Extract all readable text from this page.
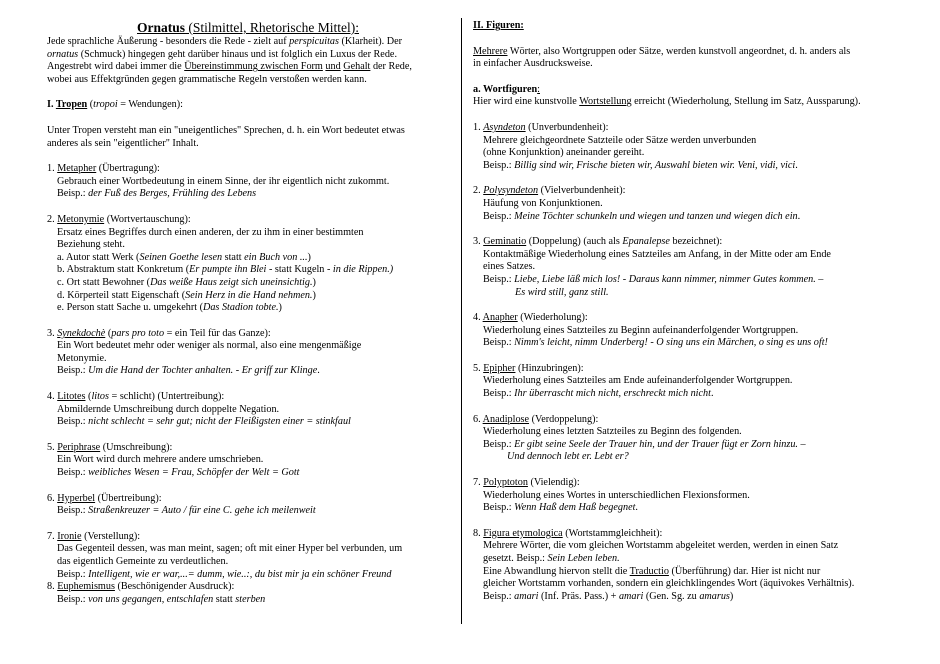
Ornatus (Stilmittel, Rhetorische Mittel):
Jede sprachliche Äußerung - besonders die Rede - zielt auf perspicuitas (Klarheit). Der
ornatus (Schmuck) hingegen geht darüber hinaus und ist folglich ein Luxus der Rede.
Angestrebt wird dabei immer die Übereinstimmung zwischen Form und Gehalt der Rede,
wobei aus Effektgründen gegen grammatische Regeln verstoßen werden kann.
I. Tropen (tropoi = Wendungen):
Unter Tropen versteht man ein "uneigentliches" Sprechen, d. h. ein Wort bedeutet etwas
anderes als sein "eigentlicher" Inhalt.
1. Metapher (Übertragung):
Gebrauch einer Wortbedeutung in einem Sinne, der ihr eigentlich nicht zukommt.
Beisp.: der Fuß des Berges, Frühling des Lebens
2. Metonymie (Wortvertauschung):
Ersatz eines Begriffes durch einen anderen, der zu ihm in einer bestimmten
Beziehung steht.
a. Autor statt Werk (Seinen Goethe lesen statt ein Buch von ...)
b. Abstraktum statt Konkretum (Er pumpte ihn Blei - statt Kugeln - in die Rippen.)
c. Ort statt Bewohner (Das weiße Haus zeigt sich uneinsichtig.)
d. Körperteil statt Eigenschaft (Sein Herz in die Hand nehmen.)
e. Person statt Sache u. umgekehrt (Das Stadion tobte.)
3. Synekdochè (pars pro toto = ein Teil für das Ganze):
Ein Wort bedeutet mehr oder weniger als normal, also eine mengenmäßige
Metonymie.
Beisp.: Um die Hand der Tochter anhalten. - Er griff zur Klinge.
4. Litotes (litos = schlicht) (Untertreibung):
Abmildernde Umschreibung durch doppelte Negation.
Beisp.: nicht schlecht = sehr gut; nicht der Fleißigsten einer = stinkfaul
5. Periphrase (Umschreibung):
Ein Wort wird durch mehrere andere umschrieben.
Beisp.: weibliches Wesen = Frau, Schöpfer der Welt = Gott
6. Hyperbel (Übertreibung):
Beisp.: Straßenkreuzer = Auto / für eine C. gehe ich meilenweit
7. Ironie (Verstellung):
Das Gegenteil dessen, was man meint, sagen; oft mit einer Hyper bel verbunden, um
das eigentlich Gemeinte zu verdeutlichen.
Beisp.: Intelligent, wie er war,...= dumm, wie..:, du bist mir ja ein schöner Freund
8. Euphemismus (Beschönigender Ausdruck):
Beisp.: von uns gegangen, entschlafen statt sterben
II. Figuren:
Mehrere Wörter, also Wortgruppen oder Sätze, werden kunstvoll angeordnet, d. h. anders als
in einfacher Ausdrucksweise.
a. Wortfiguren:
Hier wird eine kunstvolle Wortstellung erreicht (Wiederholung, Stellung im Satz, Aussparung).
1. Asyndeton (Unverbundenheit):
Mehrere gleichgeordnete Satzteile oder Sätze werden unverbunden
(ohne Konjunktion) aneinander gereiht.
Beisp.: Billig sind wir, Frische bieten wir, Auswahl bieten wir. Veni, vidi, vici.
2. Polysyndeton (Vielverbundenheit):
Häufung von Konjunktionen.
Beisp.: Meine Töchter schunkeln und wiegen und tanzen und wiegen dich ein.
3. Geminatio (Doppelung) (auch als Epanalepse bezeichnet):
Kontaktmäßige Wiederholung eines Satzteiles am Anfang, in der Mitte oder am Ende
eines Satzes.
Beisp.: Liebe, Liebe läß mich los! - Daraus kann nimmer, nimmer Gutes kommen. –
Es wird still, ganz still.
4. Anapher (Wiederholung):
Wiederholung eines Satzteiles zu Beginn aufeinanderfolgender Wortgruppen.
Beisp.: Nimm's leicht, nimm Underberg! - O sing uns ein Märchen, o sing es uns oft!
5. Epipher (Hinzubringen):
Wiederholung eines Satzteiles am Ende aufeinanderfolgender Wortgruppen.
Beisp.: Ihr überrascht mich nicht, erschreckt mich nicht.
6. Anadiplose (Verdoppelung):
Wiederholung eines letzten Satzteiles zu Beginn des folgenden.
Beisp.: Er gibt seine Seele der Trauer hin, und der Trauer fügt er Zorn hinzu. –
Und dennoch lebt er. Lebt er?
7. Polyptoton (Vielendig):
Wiederholung eines Wortes in unterschiedlichen Flexionsformen.
Beisp.: Wenn Haß dem Haß begegnet.
8. Figura etymologica (Wortstammgleichheit):
Mehrere Wörter, die vom gleichen Wortstamm abgeleitet werden, werden in einen Satz
gesetzt. Beisp.: Sein Leben leben.
Eine Abwandlung hiervon stellt die Traductio (Überführung) dar. Hier ist nicht nur
gleicher Wortstamm vorhanden, sondern ein gleichklingendes Wort (äquivokes Verhältnis).
Beisp.: amari (Inf. Präs. Pass.) + amari (Gen. Sg. zu amarus)
